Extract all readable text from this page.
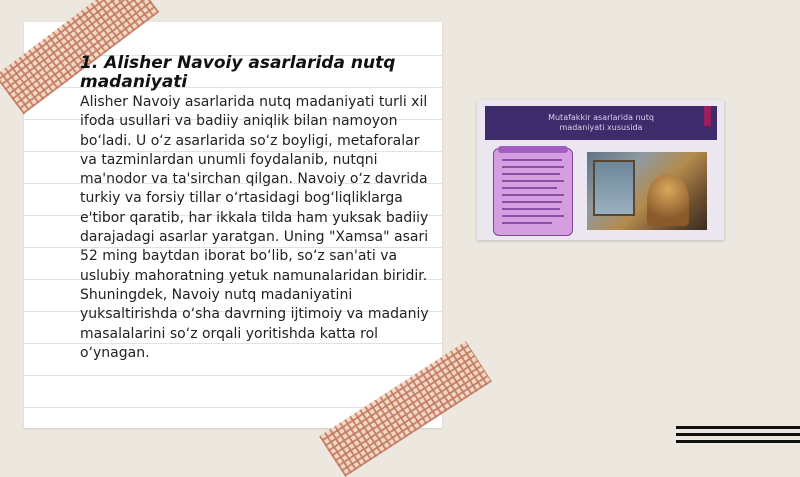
1. Alisher Navoiy asarlarida nutq madaniyati

Alisher Navoiy asarlarida nutq madaniyati turli xil ifoda usullari va badiiy aniqlik bilan namoyon bo‘ladi. U o‘z asarlarida so‘z boyligi, metaforalar va tazminlardan unumli foydalanib, nutqni ma'nodor va ta'sirchan qilgan. Navoiy o‘z davrida turkiy va forsiy tillar o‘rtasidagi bog‘liqliklarga e'tibor qaratib, har ikkala tilda ham yuksak badiiy darajadagi asarlar yaratgan. Uning "Xamsa" asari 52 ming baytdan iborat bo‘lib, so‘z san'ati va uslubiy mahoratning yetuk namunalaridan biridir. Shuningdek, Navoiy nutq madaniyatini yuksaltirishda o‘sha davrning ijtimoiy va madaniy masalalarini so‘z orqali yoritishda katta rol o‘ynagan.

Mutafakkir asarlarida nutq
madaniyati xususida
